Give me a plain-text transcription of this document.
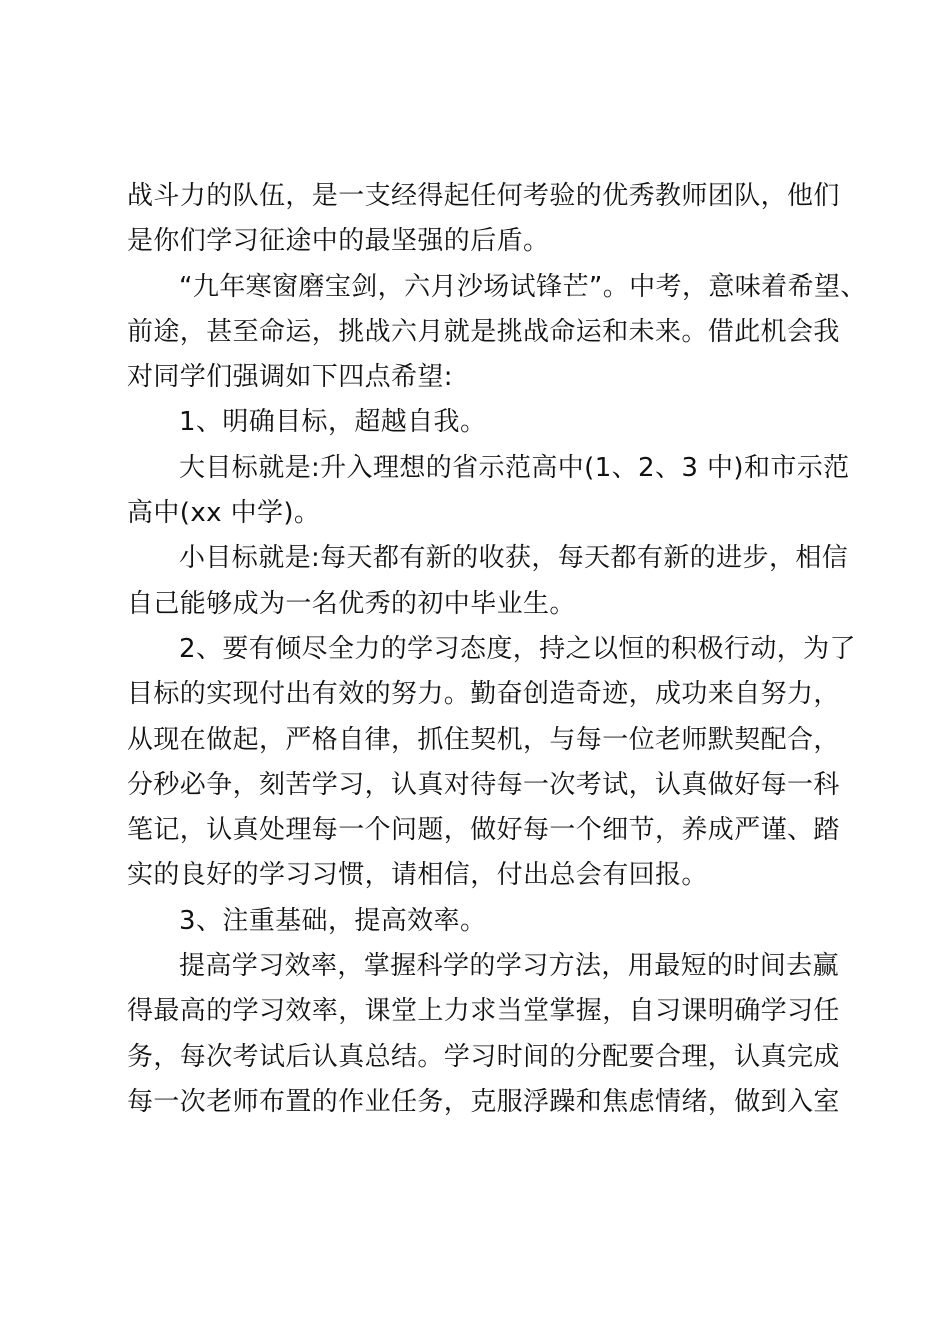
战斗力的队伍，是一支经得起任何考验的优秀教师团队，他们
是你们学习征途中的最坚强的后盾。
“九年寒窗磨宝剑，六月沙场试锋芒”。中考，意味着希望、
前途，甚至命运，挑战六月就是挑战命运和未来。借此机会我
对同学们强调如下四点希望:
1、明确目标，超越自我。
大目标就是:升入理想的省示范高中(1、2、3 中)和市示范
高中(xx 中学)。
小目标就是:每天都有新的收获，每天都有新的进步，相信
自己能够成为一名优秀的初中毕业生。
2、要有倾尽全力的学习态度，持之以恒的积极行动，为了
目标的实现付出有效的努力。勤奋创造奇迹，成功来自努力，
从现在做起，严格自律，抓住契机，与每一位老师默契配合，
分秒必争，刻苦学习，认真对待每一次考试，认真做好每一科
笔记，认真处理每一个问题，做好每一个细节，养成严谨、踏
实的良好的学习习惯，请相信，付出总会有回报。
3、注重基础，提高效率。
提高学习效率，掌握科学的学习方法，用最短的时间去赢
得最高的学习效率，课堂上力求当堂掌握，自习课明确学习任
务，每次考试后认真总结。学习时间的分配要合理，认真完成
每一次老师布置的作业任务，克服浮躁和焦虑情绪，做到入室
